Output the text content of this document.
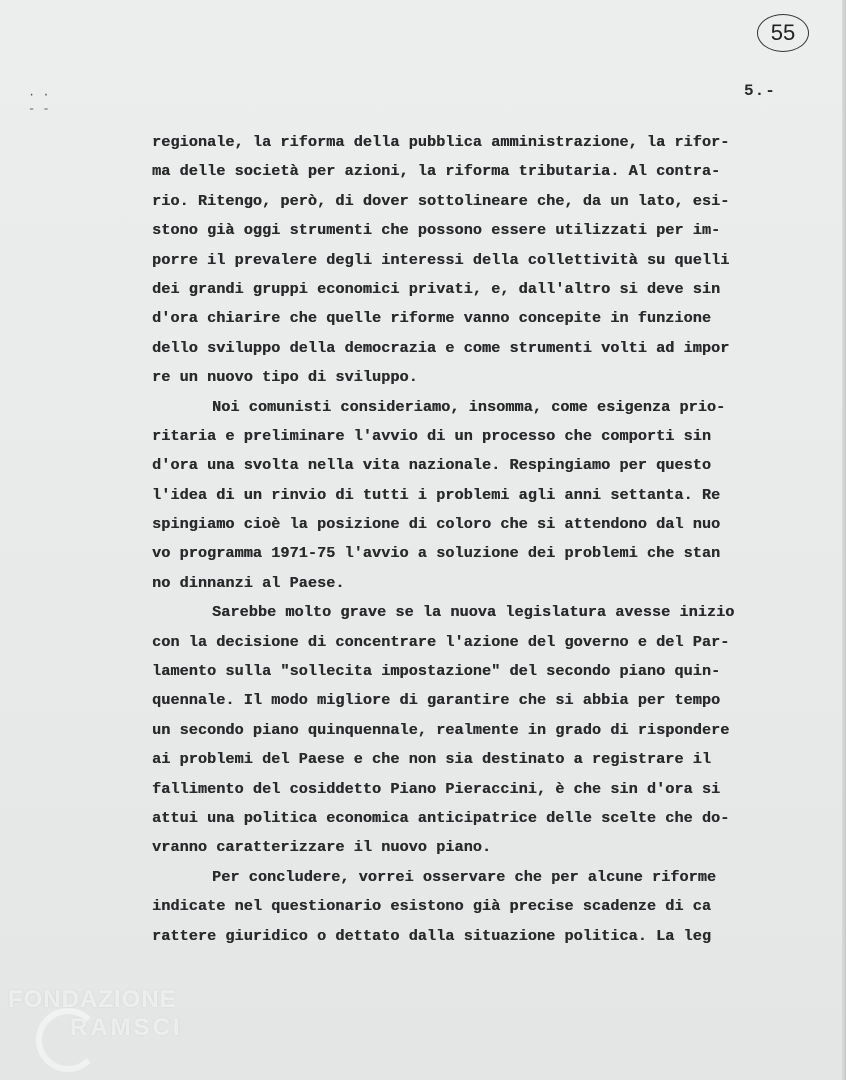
55
5.-
· ·
- -
regionale, la riforma della pubblica amministrazione, la rifor-
ma delle società per azioni, la riforma tributaria. Al contra-
rio. Ritengo, però, di dover sottolineare che, da un lato, esi-
stono già oggi strumenti che possono essere utilizzati per im-
porre il prevalere degli interessi della collettività su quelli
dei grandi gruppi economici privati, e, dall'altro si deve sin
d'ora chiarire che quelle riforme vanno concepite in funzione
dello sviluppo della democrazia e come strumenti volti ad impor
re un nuovo tipo di sviluppo.
Noi comunisti consideriamo, insomma, come esigenza prio-
ritaria e preliminare l'avvio di un processo che comporti sin
d'ora una svolta nella vita nazionale. Respingiamo per questo
l'idea di un rinvio di tutti i problemi agli anni settanta. Re
spingiamo cioè la posizione di coloro che si attendono dal nuo
vo programma 1971-75 l'avvio a soluzione dei problemi che stan
no dinnanzi al Paese.
Sarebbe molto grave se la nuova legislatura avesse inizio
con la decisione di concentrare l'azione del governo e del Par-
lamento sulla "sollecita impostazione" del secondo piano quin-
quennale. Il modo migliore di garantire che si abbia per tempo
un secondo piano quinquennale, realmente in grado di rispondere
ai problemi del Paese e che non sia destinato a registrare il
fallimento del cosiddetto Piano Pieraccini, è che sin d'ora si
attui una politica economica anticipatrice delle scelte che do-
vranno caratterizzare il nuovo piano.
Per concludere, vorrei osservare che per alcune riforme
indicate nel questionario esistono già precise scadenze di ca
rattere giuridico o dettato dalla situazione politica. La leg
FONDAZIONE
RAMSCI
